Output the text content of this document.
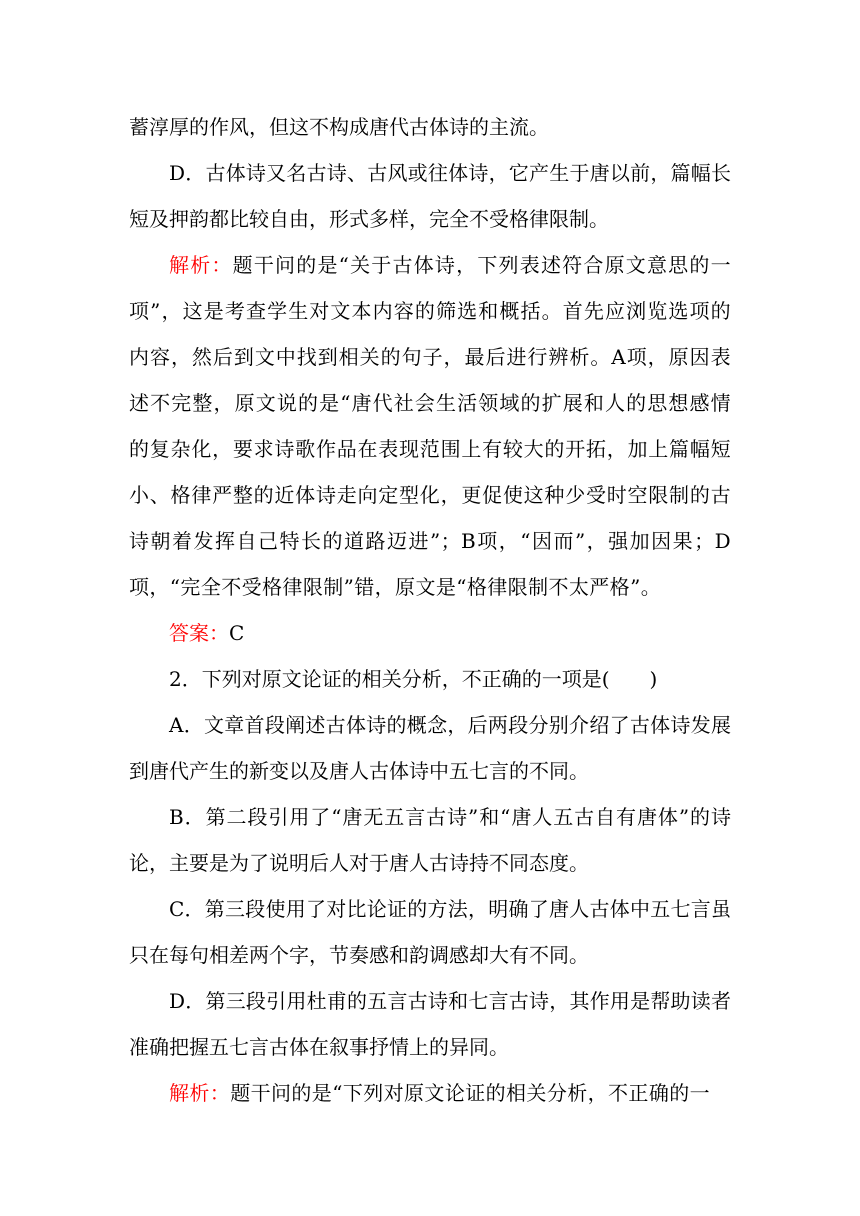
蓄淳厚的作风，但这不构成唐代古体诗的主流。

D．古体诗又名古诗、古风或往体诗，它产生于唐以前，篇幅长短及押韵都比较自由，形式多样，完全不受格律限制。

解析：题干问的是“关于古体诗，下列表述符合原文意思的一项”，这是考查学生对文本内容的筛选和概括。首先应浏览选项的内容，然后到文中找到相关的句子，最后进行辨析。A项，原因表述不完整，原文说的是“唐代社会生活领域的扩展和人的思想感情的复杂化，要求诗歌作品在表现范围上有较大的开拓，加上篇幅短小、格律严整的近体诗走向定型化，更促使这种少受时空限制的古诗朝着发挥自己特长的道路迈进”；B项，“因而”，强加因果；D项，“完全不受格律限制”错，原文是“格律限制不太严格”。

答案：C

2．下列对原文论证的相关分析，不正确的一项是(　　)

A．文章首段阐述古体诗的概念，后两段分别介绍了古体诗发展到唐代产生的新变以及唐人古体诗中五七言的不同。

B．第二段引用了“唐无五言古诗”和“唐人五古自有唐体”的诗论，主要是为了说明后人对于唐人古诗持不同态度。

C．第三段使用了对比论证的方法，明确了唐人古体中五七言虽只在每句相差两个字，节奏感和韵调感却大有不同。

D．第三段引用杜甫的五言古诗和七言古诗，其作用是帮助读者准确把握五七言古体在叙事抒情上的异同。

解析：题干问的是“下列对原文论证的相关分析，不正确的一
